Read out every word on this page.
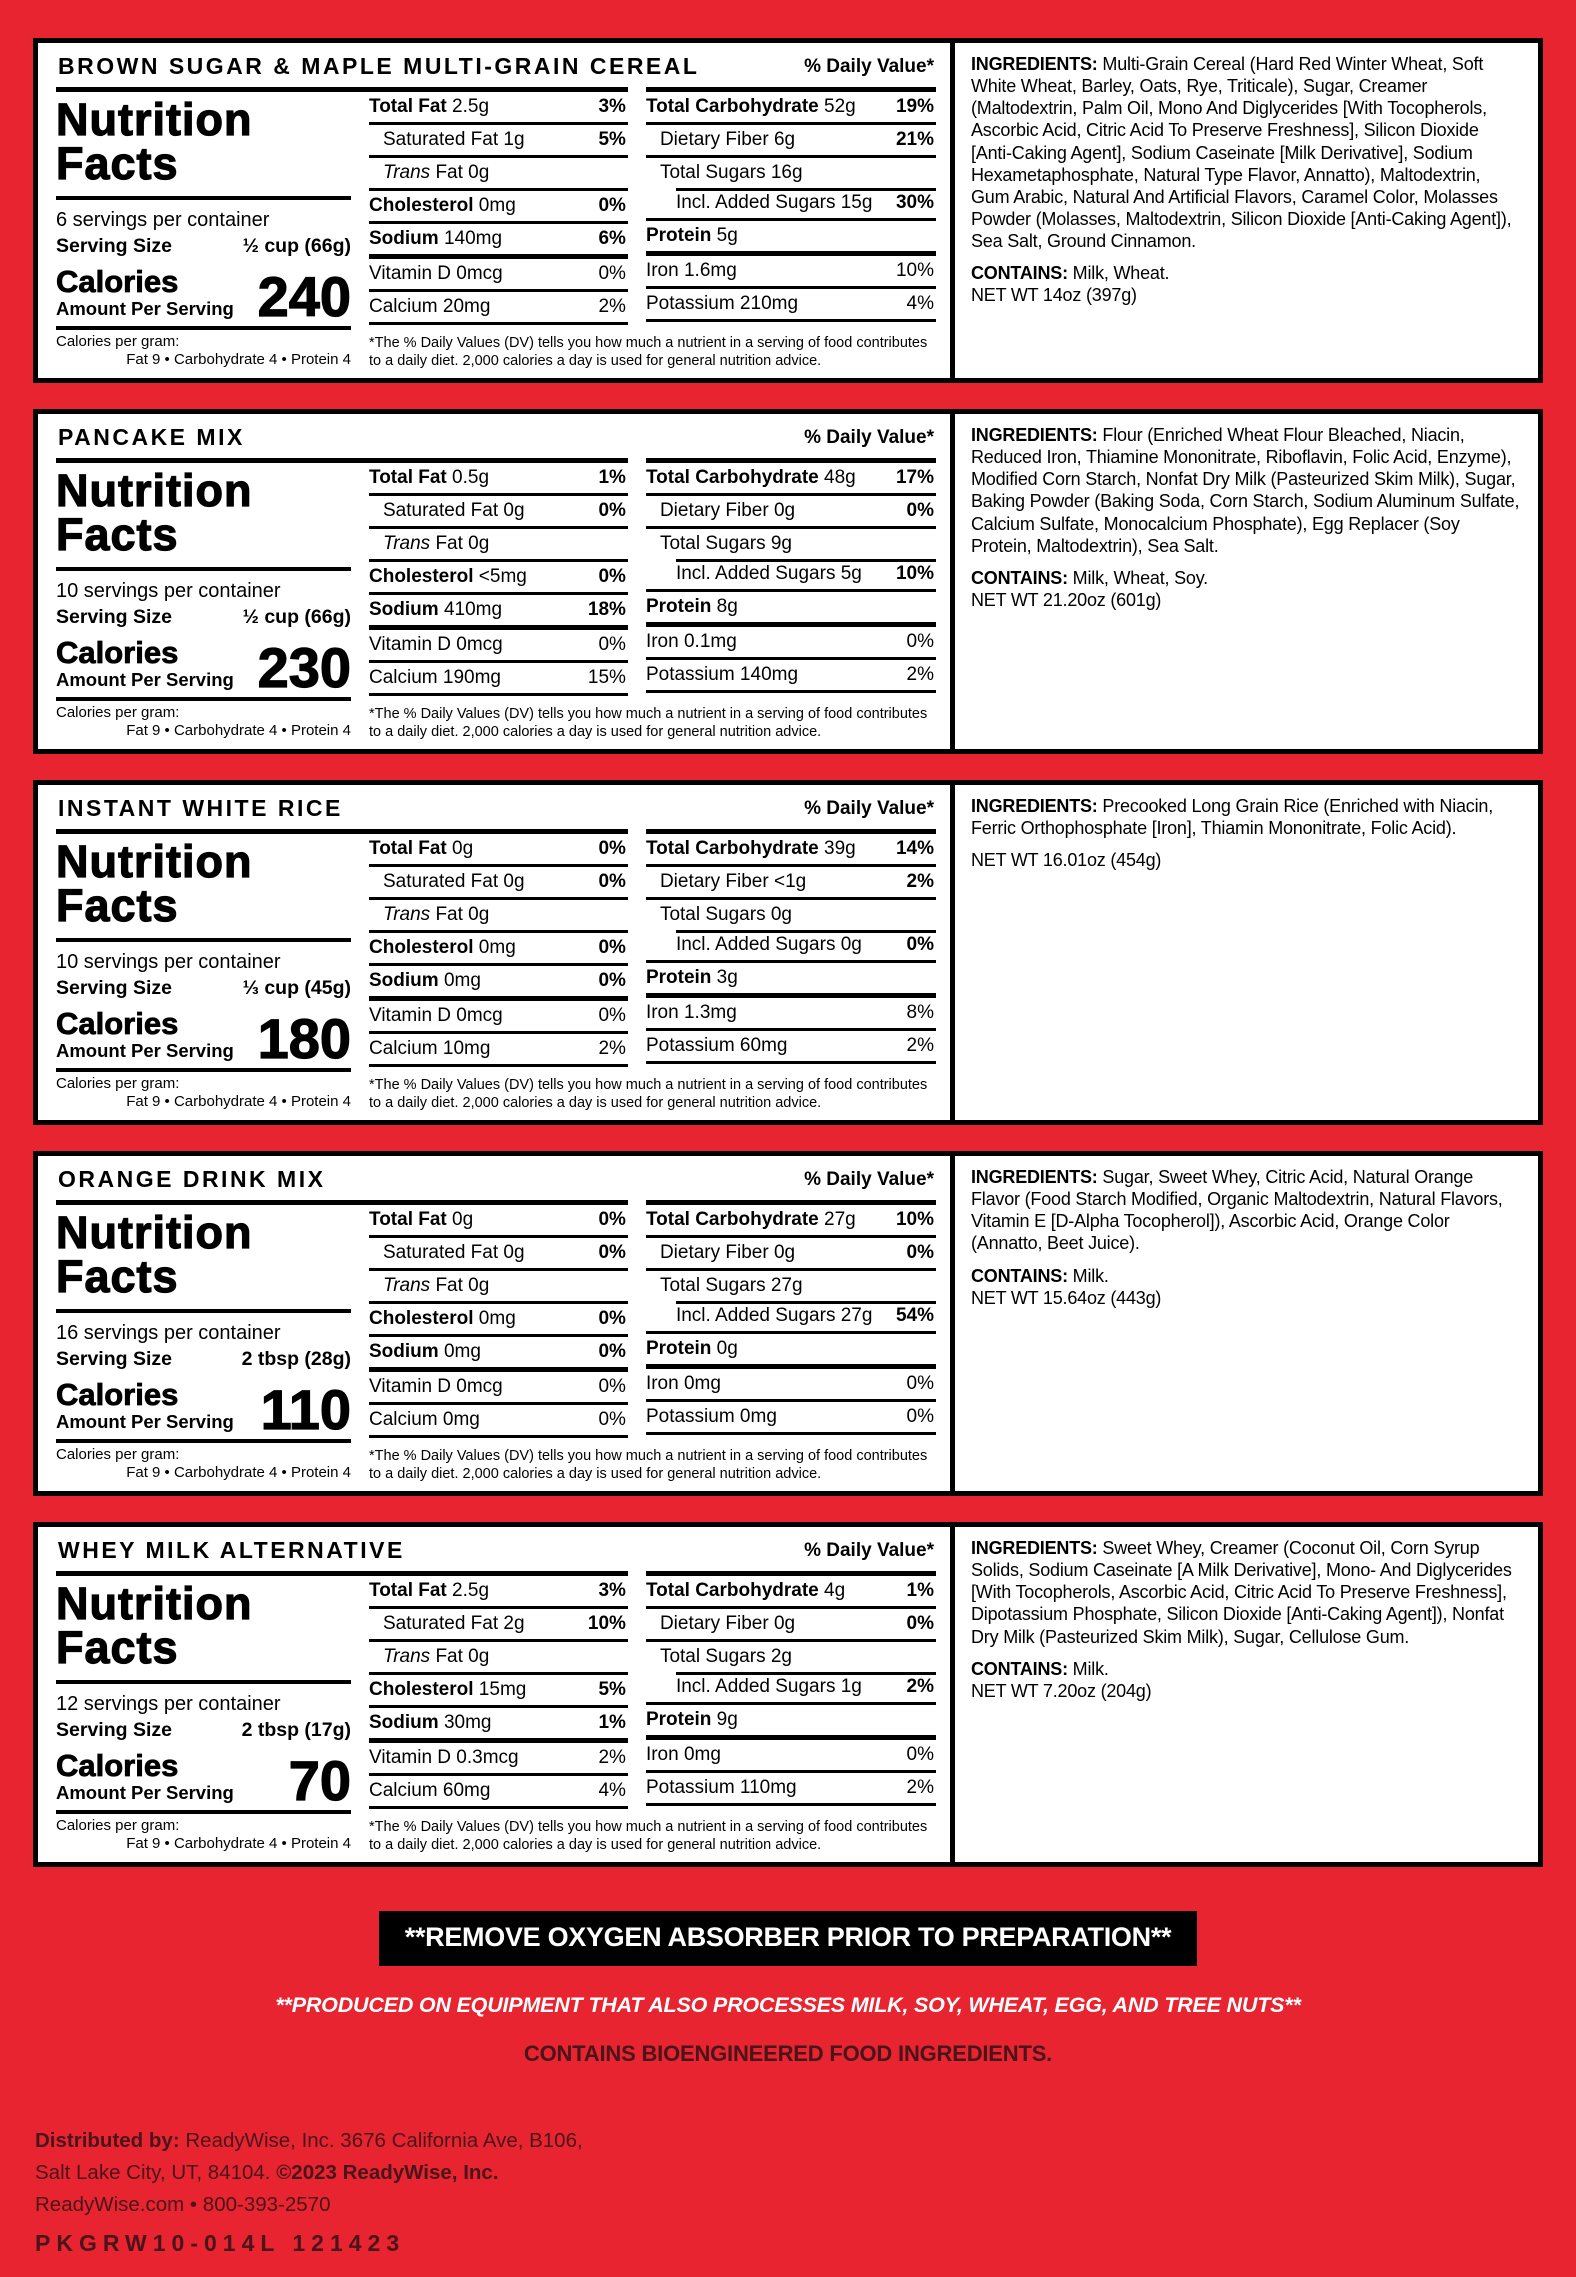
BROWN SUGAR & MAPLE MULTI-GRAIN CEREAL	% Daily Value*
Nutrition
Facts
6 servings per container
Serving Size	½ cup (66g)
Calories
Amount Per Serving 240
Calories per gram:
Fat 9 • Carbohydrate 4 • Protein 4
Total Fat 2.5g	3%
Saturated Fat 1g	5%
Trans Fat 0g
Cholesterol 0mg	0%
Sodium 140mg	6%
Vitamin D 0mcg	0%
Calcium 20mg	2%
Total Carbohydrate 52g 19%
Dietary Fiber 6g	21%
Total Sugars 16g
Incl. Added Sugars 15g 30%
Protein 5g
Iron 1.6mg	10%
Potassium 210mg	4%
*The % Daily Values (DV) tells you how much a nutrient in a serving of food contributes to a daily diet. 2,000 calories a day is used for general nutrition advice.

INGREDIENTS: Multi-Grain Cereal (Hard Red Winter Wheat, Soft White Wheat, Barley, Oats, Rye, Triticale), Sugar, Creamer (Maltodextrin, Palm Oil, Mono And Diglycerides [With Tocopherols, Ascorbic Acid, Citric Acid To Preserve Freshness], Silicon Dioxide [Anti-Caking Agent], Sodium Caseinate [Milk Derivative], Sodium Hexametaphosphate, Natural Type Flavor, Annatto), Maltodextrin, Gum Arabic, Natural And Artificial Flavors, Caramel Color, Molasses Powder (Molasses, Maltodextrin, Silicon Dioxide [Anti-Caking Agent]), Sea Salt, Ground Cinnamon.

CONTAINS: Milk, Wheat.

NET WT 14oz (397g)

PANCAKE MIX	% Daily Value*
Nutrition
Facts
10 servings per container
Serving Size	½ cup (66g)
Calories
Amount Per Serving 230
Calories per gram:
Fat 9 • Carbohydrate 4 • Protein 4
Total Fat 0.5g	1%
Saturated Fat 0g	0%
Trans Fat 0g
Cholesterol <5mg	0%
Sodium 410mg	18%
Vitamin D 0mcg	0%
Calcium 190mg	15%
Total Carbohydrate 48g 17%
Dietary Fiber 0g	0%
Total Sugars 9g
Incl. Added Sugars 5g 10%
Protein 8g
Iron 0.1mg	0%
Potassium 140mg	2%
*The % Daily Values (DV) tells you how much a nutrient in a serving of food contributes to a daily diet. 2,000 calories a day is used for general nutrition advice.

INGREDIENTS: Flour (Enriched Wheat Flour Bleached, Niacin, Reduced Iron, Thiamine Mononitrate, Riboflavin, Folic Acid, Enzyme), Modified Corn Starch, Nonfat Dry Milk (Pasteurized Skim Milk), Sugar, Baking Powder (Baking Soda, Corn Starch, Sodium Aluminum Sulfate, Calcium Sulfate, Monocalcium Phosphate), Egg Replacer (Soy Protein, Maltodextrin), Sea Salt.

CONTAINS: Milk, Wheat, Soy.

NET WT 21.20oz (601g)

INSTANT WHITE RICE	% Daily Value*
Nutrition
Facts
10 servings per container
Serving Size	⅓ cup (45g)
Calories
Amount Per Serving 180
Calories per gram:
Fat 9 • Carbohydrate 4 • Protein 4
Total Fat 0g	0%
Saturated Fat 0g	0%
Trans Fat 0g
Cholesterol 0mg	0%
Sodium 0mg	0%
Vitamin D 0mcg	0%
Calcium 10mg	2%
Total Carbohydrate 39g 14%
Dietary Fiber <1g	2%
Total Sugars 0g
Incl. Added Sugars 0g 0%
Protein 3g
Iron 1.3mg	8%
Potassium 60mg	2%
*The % Daily Values (DV) tells you how much a nutrient in a serving of food contributes to a daily diet. 2,000 calories a day is used for general nutrition advice.

INGREDIENTS: Precooked Long Grain Rice (Enriched with Niacin, Ferric Orthophosphate [Iron], Thiamin Mononitrate, Folic Acid).

NET WT 16.01oz (454g)

ORANGE DRINK MIX	% Daily Value*
Nutrition
Facts
16 servings per container
Serving Size	2 tbsp (28g)
Calories
Amount Per Serving 110
Calories per gram:
Fat 9 • Carbohydrate 4 • Protein 4
Total Fat 0g	0%
Saturated Fat 0g	0%
Trans Fat 0g
Cholesterol 0mg	0%
Sodium 0mg	0%
Vitamin D 0mcg	0%
Calcium 0mg	0%
Total Carbohydrate 27g 10%
Dietary Fiber 0g	0%
Total Sugars 27g
Incl. Added Sugars 27g 54%
Protein 0g
Iron 0mg	0%
Potassium 0mg	0%
*The % Daily Values (DV) tells you how much a nutrient in a serving of food contributes to a daily diet. 2,000 calories a day is used for general nutrition advice.

INGREDIENTS: Sugar, Sweet Whey, Citric Acid, Natural Orange Flavor (Food Starch Modified, Organic Maltodextrin, Natural Flavors, Vitamin E [D-Alpha Tocopherol]), Ascorbic Acid, Orange Color (Annatto, Beet Juice).

CONTAINS: Milk.

NET WT 15.64oz (443g)

WHEY MILK ALTERNATIVE	% Daily Value*
Nutrition
Facts
12 servings per container
Serving Size	2 tbsp (17g)
Calories
Amount Per Serving 70
Calories per gram:
Fat 9 • Carbohydrate 4 • Protein 4
Total Fat 2.5g	3%
Saturated Fat 2g	10%
Trans Fat 0g
Cholesterol 15mg	5%
Sodium 30mg	1%
Vitamin D 0.3mcg	2%
Calcium 60mg	4%
Total Carbohydrate 4g	1%
Dietary Fiber 0g	0%
Total Sugars 2g
Incl. Added Sugars 1g 2%
Protein 9g
Iron 0mg	0%
Potassium 110mg	2%
*The % Daily Values (DV) tells you how much a nutrient in a serving of food contributes to a daily diet. 2,000 calories a day is used for general nutrition advice.

INGREDIENTS: Sweet Whey, Creamer (Coconut Oil, Corn Syrup Solids, Sodium Caseinate [A Milk Derivative], Mono- And Diglycerides [With Tocopherols, Ascorbic Acid, Citric Acid To Preserve Freshness], Dipotassium Phosphate, Silicon Dioxide [Anti-Caking Agent]), Nonfat Dry Milk (Pasteurized Skim Milk), Sugar, Cellulose Gum.

CONTAINS: Milk.

NET WT 7.20oz (204g)

**REMOVE OXYGEN ABSORBER PRIOR TO PREPARATION**
**PRODUCED ON EQUIPMENT THAT ALSO PROCESSES MILK, SOY, WHEAT, EGG, AND TREE NUTS**
CONTAINS BIOENGINEERED FOOD INGREDIENTS.
Distributed by: ReadyWise, Inc. 3676 California Ave, B106,
Salt Lake City, UT, 84104. ©2023 ReadyWise, Inc.
ReadyWise.com • 800-393-2570
PKGRW10-014L 121423
